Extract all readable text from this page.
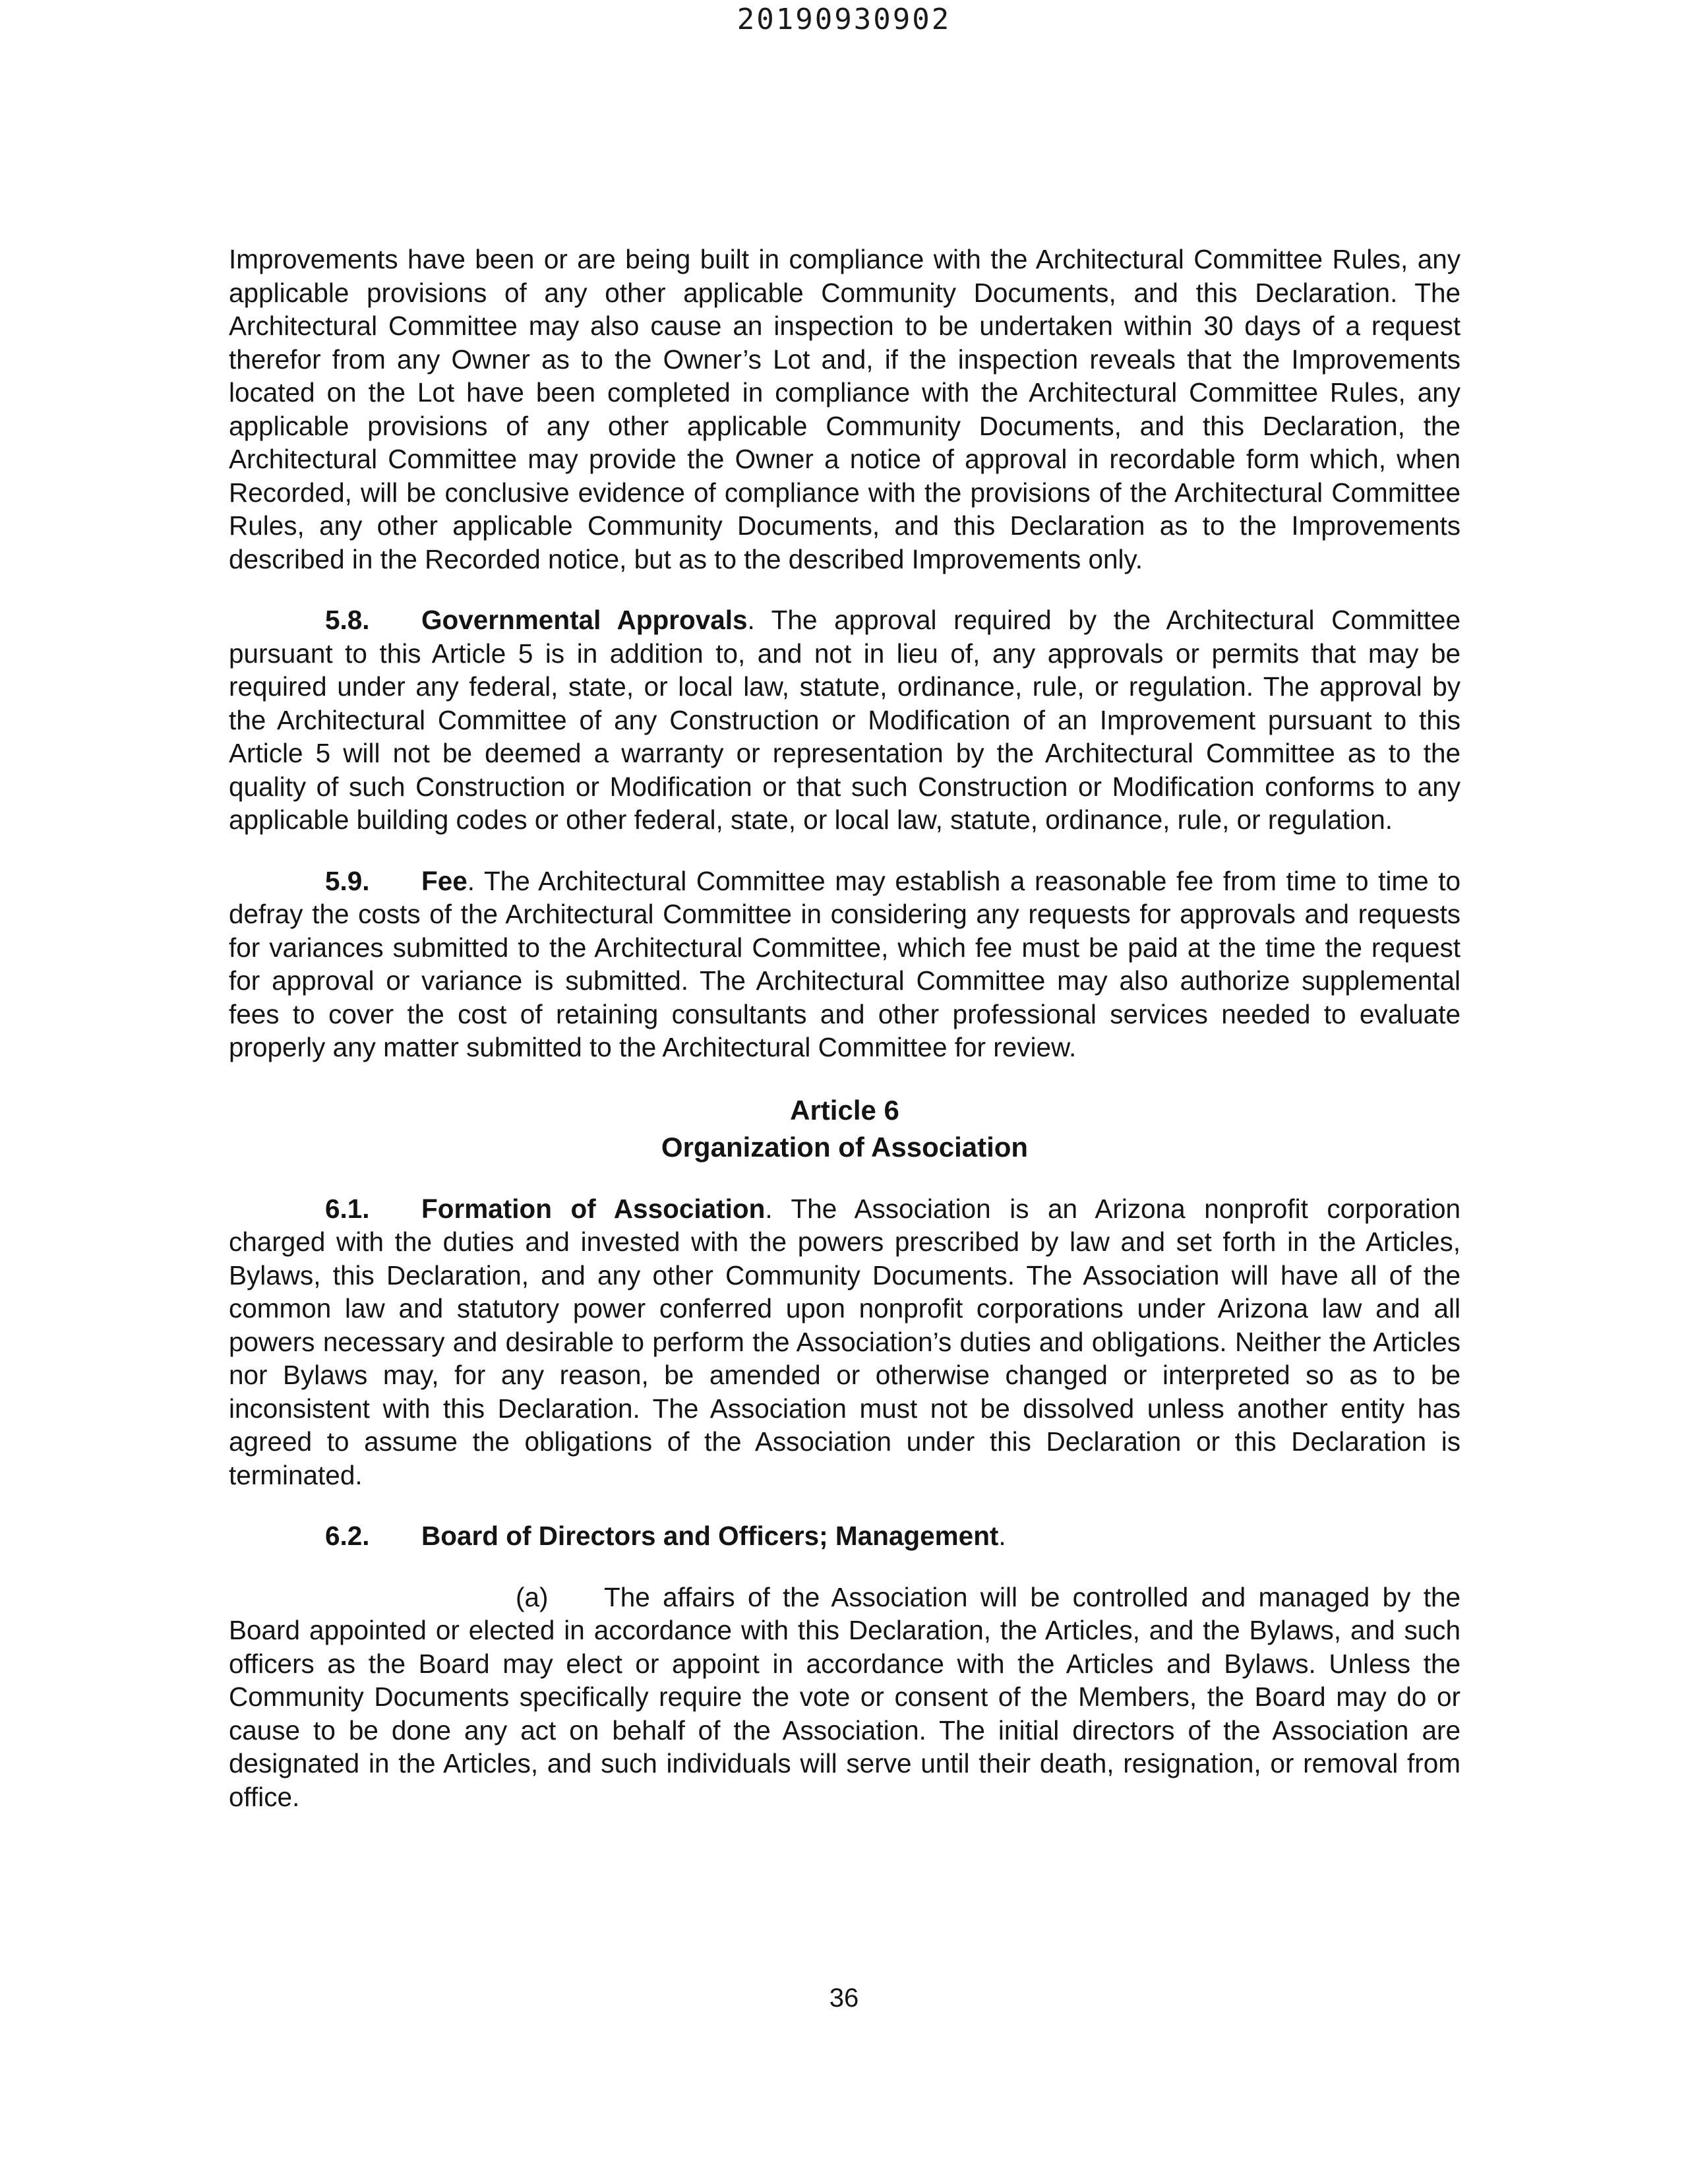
20190930902

Improvements have been or are being built in compliance with the Architectural Committee Rules, any applicable provisions of any other applicable Community Documents, and this Declaration. The Architectural Committee may also cause an inspection to be undertaken within 30 days of a request therefor from any Owner as to the Owner’s Lot and, if the inspection reveals that the Improvements located on the Lot have been completed in compliance with the Architectural Committee Rules, any applicable provisions of any other applicable Community Documents, and this Declaration, the Architectural Committee may provide the Owner a notice of approval in recordable form which, when Recorded, will be conclusive evidence of compliance with the provisions of the Architectural Committee Rules, any other applicable Community Documents, and this Declaration as to the Improvements described in the Recorded notice, but as to the described Improvements only.

5.8. Governmental Approvals. The approval required by the Architectural Committee pursuant to this Article 5 is in addition to, and not in lieu of, any approvals or permits that may be required under any federal, state, or local law, statute, ordinance, rule, or regulation. The approval by the Architectural Committee of any Construction or Modification of an Improvement pursuant to this Article 5 will not be deemed a warranty or representation by the Architectural Committee as to the quality of such Construction or Modification or that such Construction or Modification conforms to any applicable building codes or other federal, state, or local law, statute, ordinance, rule, or regulation.

5.9. Fee. The Architectural Committee may establish a reasonable fee from time to time to defray the costs of the Architectural Committee in considering any requests for approvals and requests for variances submitted to the Architectural Committee, which fee must be paid at the time the request for approval or variance is submitted. The Architectural Committee may also authorize supplemental fees to cover the cost of retaining consultants and other professional services needed to evaluate properly any matter submitted to the Architectural Committee for review.

Article 6
Organization of Association

6.1. Formation of Association. The Association is an Arizona nonprofit corporation charged with the duties and invested with the powers prescribed by law and set forth in the Articles, Bylaws, this Declaration, and any other Community Documents. The Association will have all of the common law and statutory power conferred upon nonprofit corporations under Arizona law and all powers necessary and desirable to perform the Association’s duties and obligations. Neither the Articles nor Bylaws may, for any reason, be amended or otherwise changed or interpreted so as to be inconsistent with this Declaration. The Association must not be dissolved unless another entity has agreed to assume the obligations of the Association under this Declaration or this Declaration is terminated.

6.2. Board of Directors and Officers; Management.

(a) The affairs of the Association will be controlled and managed by the Board appointed or elected in accordance with this Declaration, the Articles, and the Bylaws, and such officers as the Board may elect or appoint in accordance with the Articles and Bylaws. Unless the Community Documents specifically require the vote or consent of the Members, the Board may do or cause to be done any act on behalf of the Association. The initial directors of the Association are designated in the Articles, and such individuals will serve until their death, resignation, or removal from office.

36
